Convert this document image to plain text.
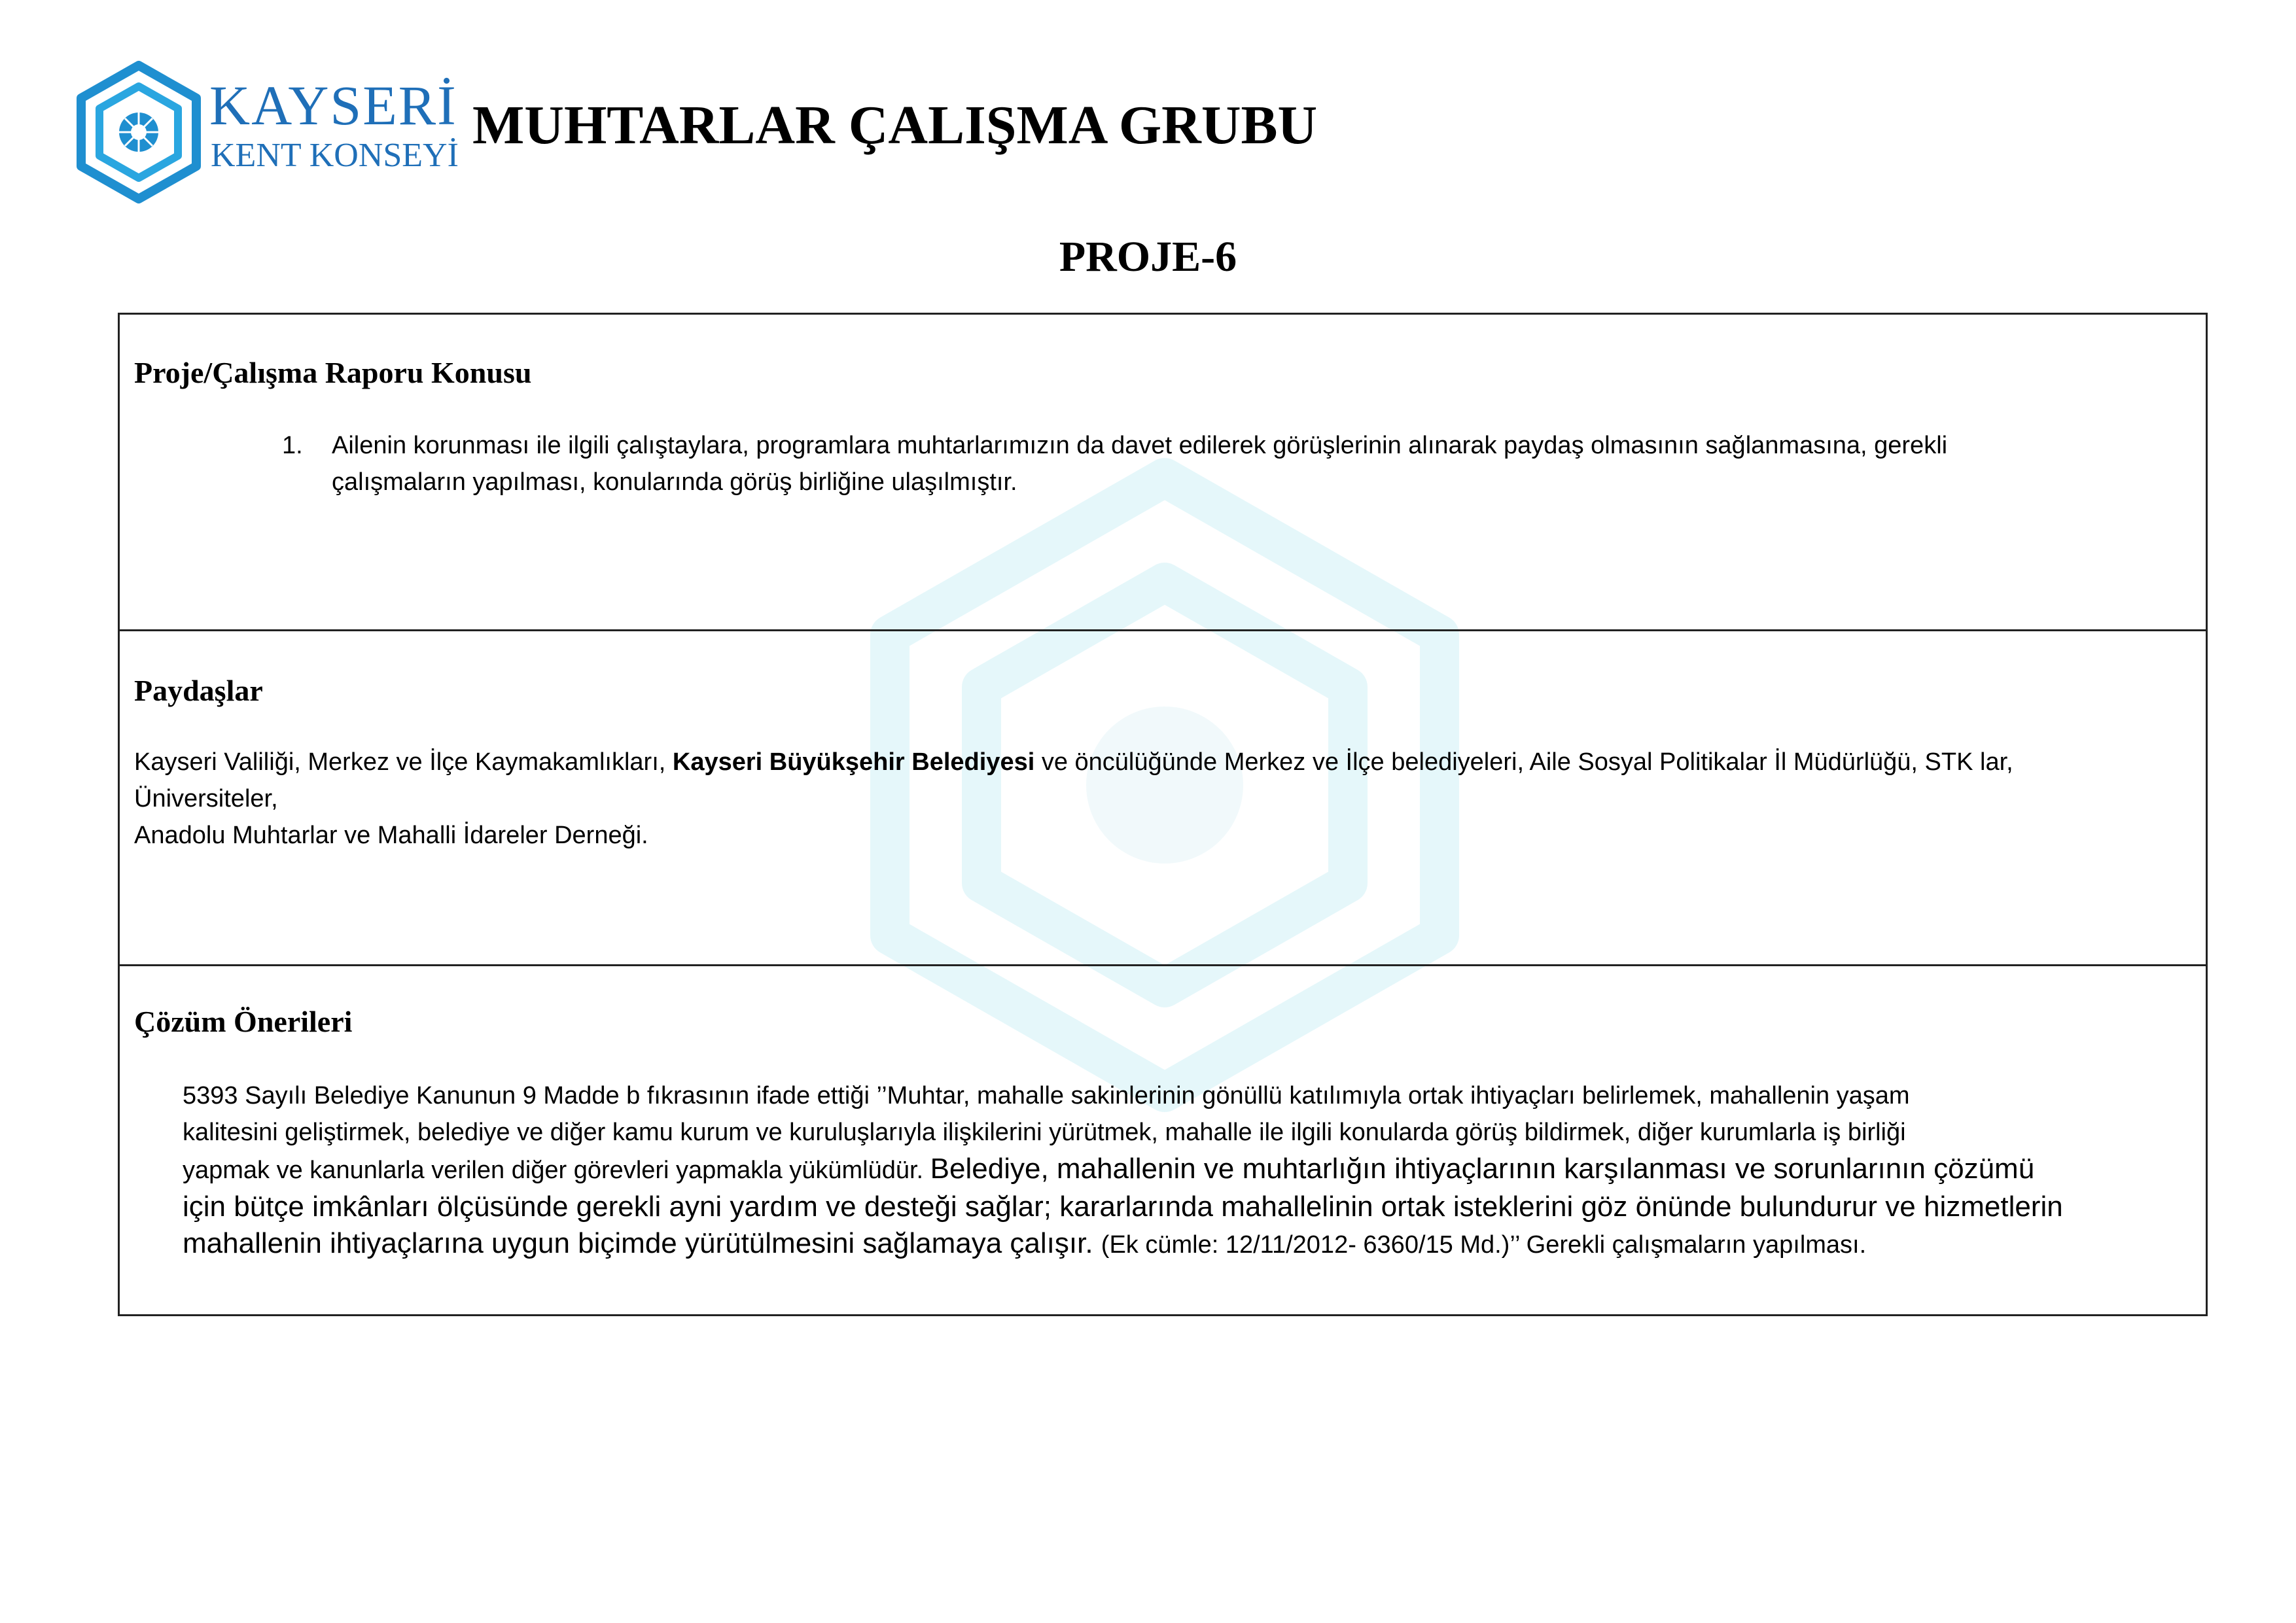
KAYSERİ
KENT KONSEYİ MUHTARLAR ÇALIŞMA GRUBU
PROJE-6
Proje/Çalışma Raporu Konusu
1. Ailenin korunması ile ilgili çalıştaylara, programlara muhtarlarımızın da davet edilerek görüşlerinin alınarak paydaş olmasının sağlanmasına, gerekli
çalışmaların yapılması, konularında görüş birliğine ulaşılmıştır.
Paydaşlar
Kayseri Valiliği, Merkez ve İlçe Kaymakamlıkları, Kayseri Büyükşehir Belediyesi ve öncülüğünde Merkez ve İlçe belediyeleri, Aile Sosyal Politikalar İl Müdürlüğü, STK lar,
Üniversiteler,
Anadolu Muhtarlar ve Mahalli İdareler Derneği.
Çözüm Önerileri
5393 Sayılı Belediye Kanunun 9 Madde b fıkrasının ifade ettiği ’’Muhtar, mahalle sakinlerinin gönüllü katılımıyla ortak ihtiyaçları belirlemek, mahallenin yaşam
kalitesini geliştirmek, belediye ve diğer kamu kurum ve kuruluşlarıyla ilişkilerini yürütmek, mahalle ile ilgili konularda görüş bildirmek, diğer kurumlarla iş birliği
yapmak ve kanunlarla verilen diğer görevleri yapmakla yükümlüdür. Belediye, mahallenin ve muhtarlığın ihtiyaçlarının karşılanması ve sorunlarının çözümü
için bütçe imkânları ölçüsünde gerekli ayni yardım ve desteği sağlar; kararlarında mahallelinin ortak isteklerini göz önünde bulundurur ve hizmetlerin
mahallenin ihtiyaçlarına uygun biçimde yürütülmesini sağlamaya çalışır. (Ek cümle: 12/11/2012- 6360/15 Md.)’’ Gerekli çalışmaların yapılması.
